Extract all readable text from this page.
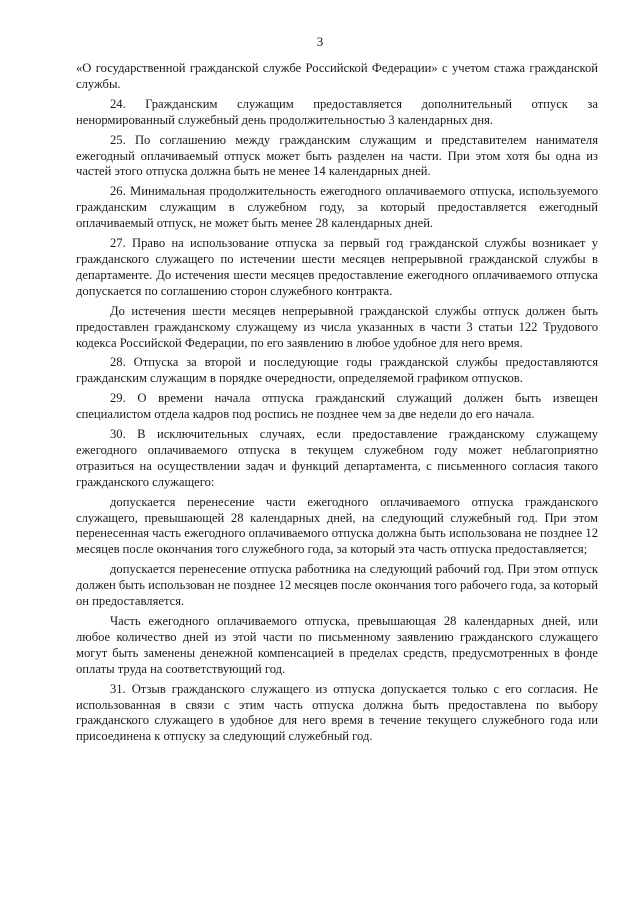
3

«О государственной гражданской службе Российской Федерации» с учетом стажа гражданской службы.

24. Гражданским служащим предоставляется дополнительный отпуск за ненормированный служебный день продолжительностью 3 календарных дня.

25. По соглашению между гражданским служащим и представителем нанимателя ежегодный оплачиваемый отпуск может быть разделен на части. При этом хотя бы одна из частей этого отпуска должна быть не менее 14 календарных дней.

26. Минимальная продолжительность ежегодного оплачиваемого отпуска, используемого гражданским служащим в служебном году, за который предоставляется ежегодный оплачиваемый отпуск, не может быть менее 28 календарных дней.

27. Право на использование отпуска за первый год гражданской службы возникает у гражданского служащего по истечении шести месяцев непрерывной гражданской службы в департаменте. До истечения шести месяцев предоставление ежегодного оплачиваемого отпуска допускается по соглашению сторон служебного контракта.

До истечения шести месяцев непрерывной гражданской службы отпуск должен быть предоставлен гражданскому служащему из числа указанных в части 3 статьи 122 Трудового кодекса Российской Федерации, по его заявлению в любое удобное для него время.

28. Отпуска за второй и последующие годы гражданской службы предоставляются гражданским служащим в порядке очередности, определяемой графиком отпусков.

29. О времени начала отпуска гражданский служащий должен быть извещен специалистом отдела кадров под роспись не позднее чем за две недели до его начала.

30. В исключительных случаях, если предоставление гражданскому служащему ежегодного оплачиваемого отпуска в текущем служебном году может неблагоприятно отразиться на осуществлении задач и функций департамента, с письменного согласия такого гражданского служащего:

допускается перенесение части ежегодного оплачиваемого отпуска гражданского служащего, превышающей 28 календарных дней, на следующий служебный год. При этом перенесенная часть ежегодного оплачиваемого отпуска должна быть использована не позднее 12 месяцев после окончания того служебного года, за который эта часть отпуска предоставляется;

допускается перенесение отпуска работника на следующий рабочий год. При этом отпуск должен быть использован не позднее 12 месяцев после окончания того рабочего года, за который он предоставляется.

Часть ежегодного оплачиваемого отпуска, превышающая 28 календарных дней, или любое количество дней из этой части по письменному заявлению гражданского служащего могут быть заменены денежной компенсацией в пределах средств, предусмотренных в фонде оплаты труда на соответствующий год.

31. Отзыв гражданского служащего из отпуска допускается только с его согласия. Не использованная в связи с этим часть отпуска должна быть предоставлена по выбору гражданского служащего в удобное для него время в течение текущего служебного года или присоединена к отпуску за следующий служебный год.
